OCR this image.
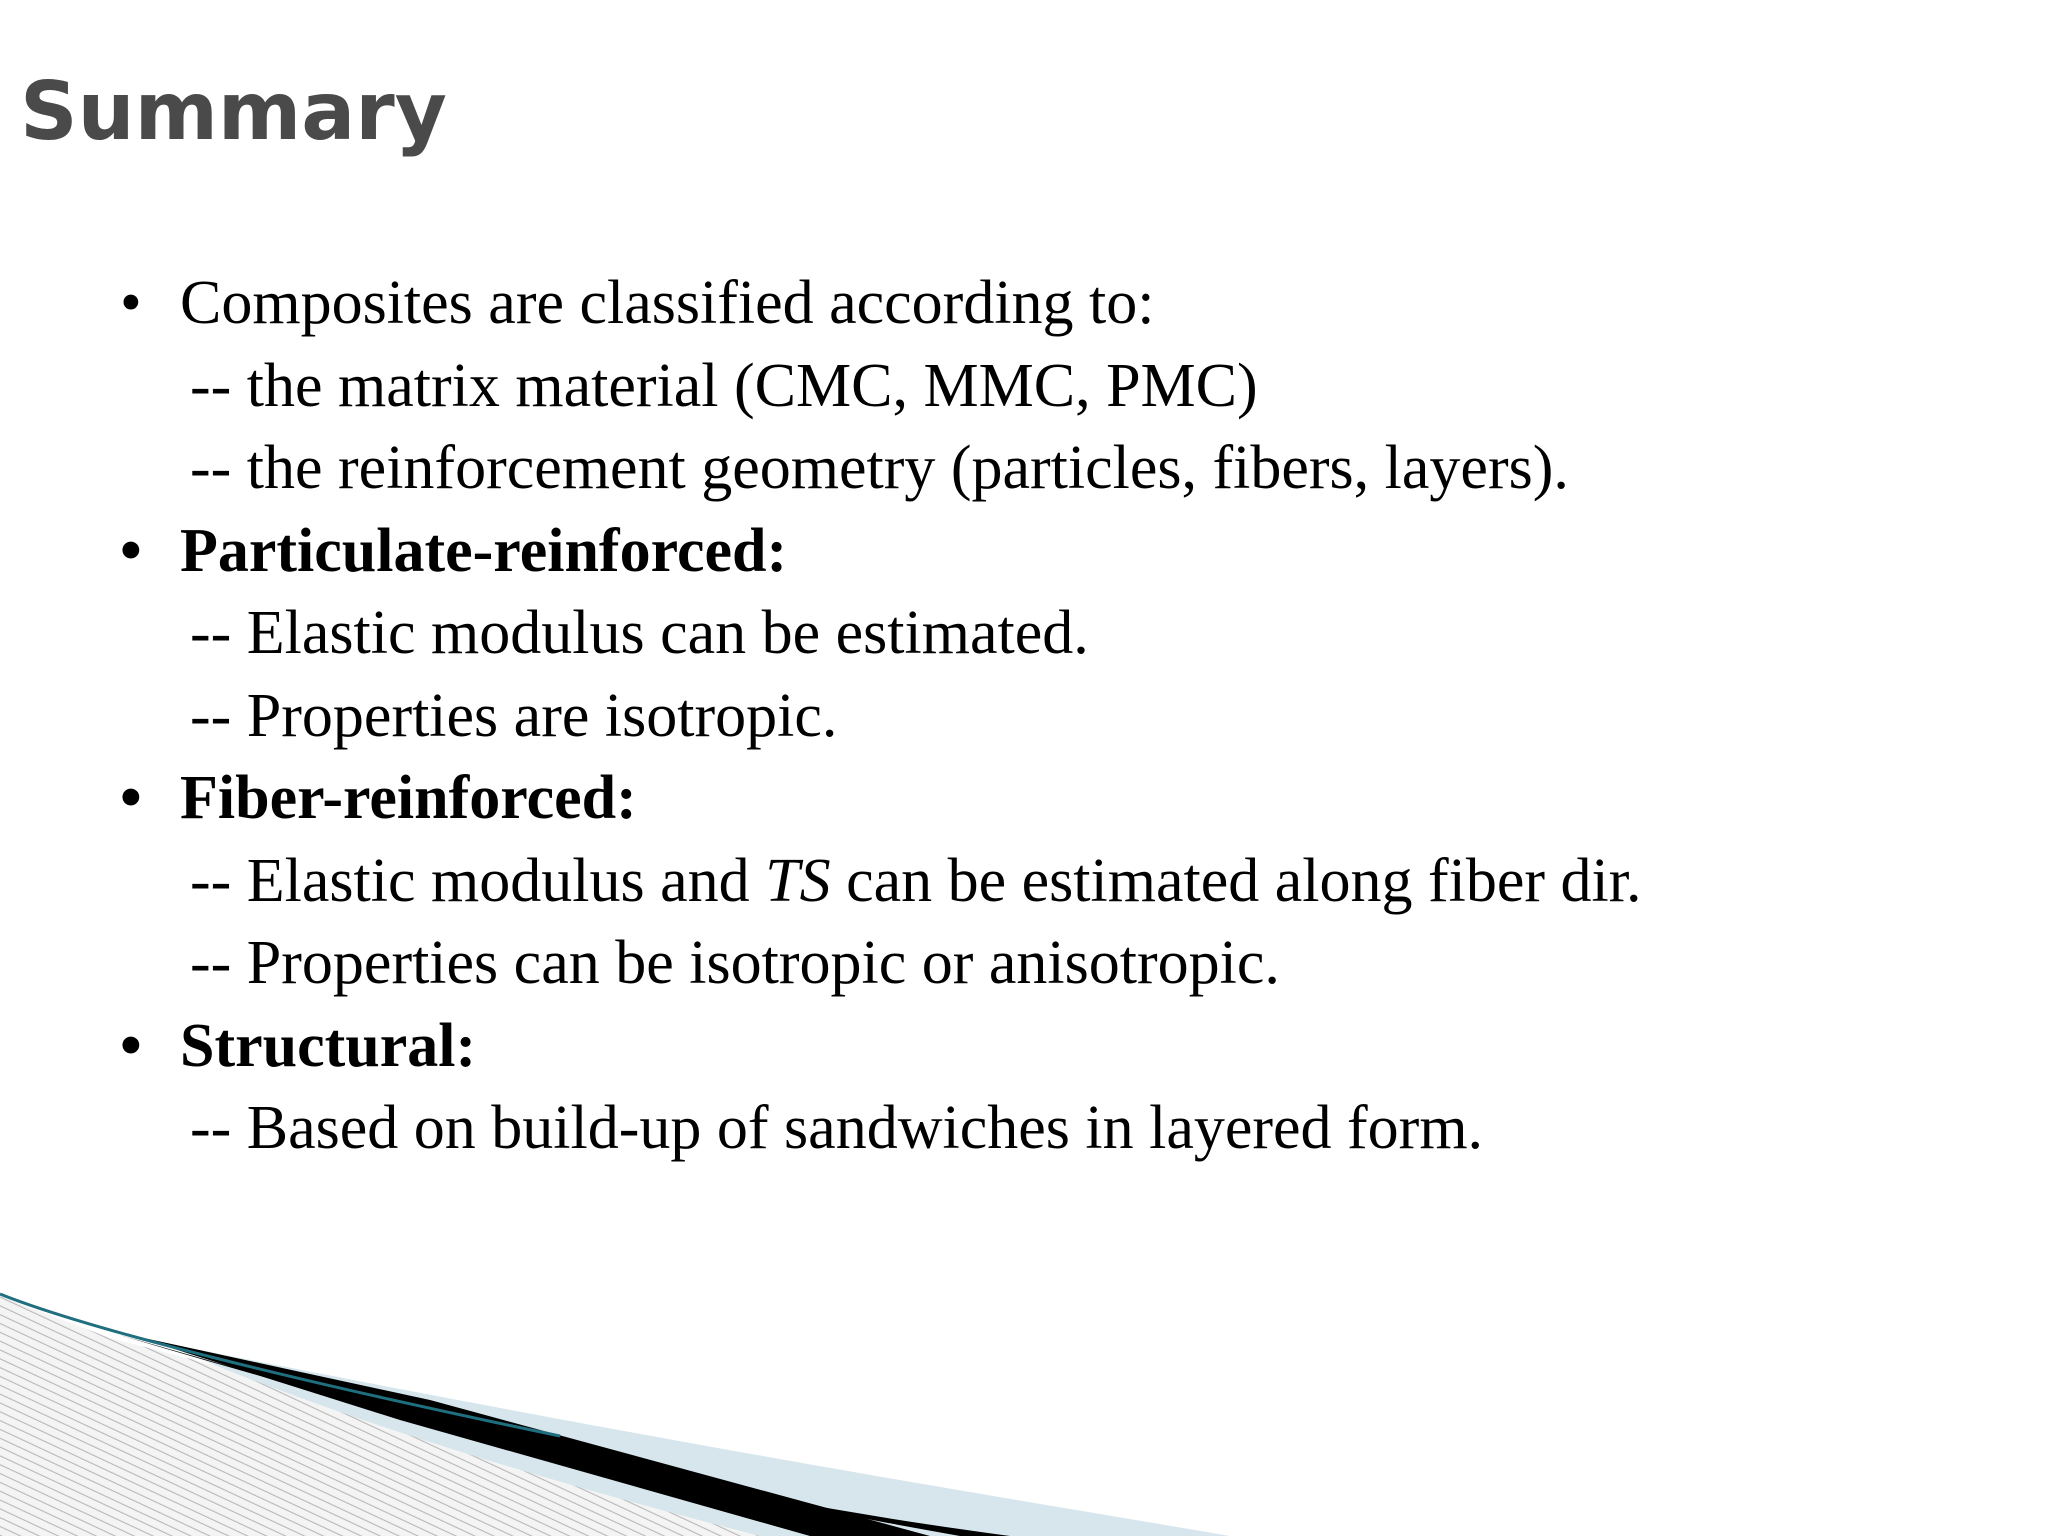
Summary
• Composites are classified according to:
-- the matrix material (CMC, MMC, PMC)
-- the reinforcement geometry (particles, fibers, layers).
• Particulate-reinforced:
-- Elastic modulus can be estimated.
-- Properties are isotropic.
• Fiber-reinforced:
-- Elastic modulus and TS can be estimated along fiber dir.
-- Properties can be isotropic or anisotropic.
• Structural:
-- Based on build-up of sandwiches in layered form.
